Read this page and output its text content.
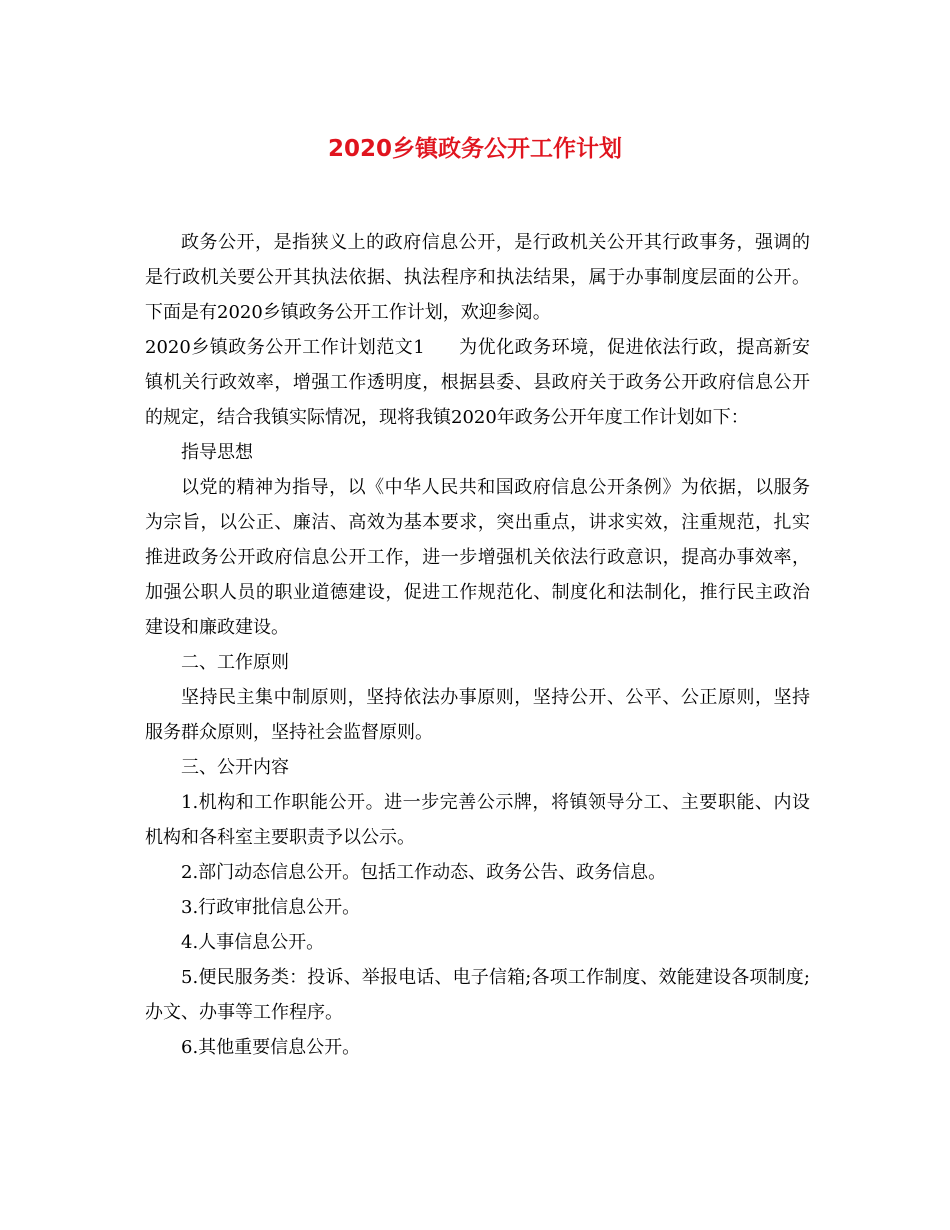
2020乡镇政务公开工作计划

政务公开，是指狭义上的政府信息公开，是行政机关公开其行政事务，强调的是行政机关要公开其执法依据、执法程序和执法结果，属于办事制度层面的公开。下面是有2020乡镇政务公开工作计划，欢迎参阅。

2020乡镇政务公开工作计划范文1 为优化政务环境，促进依法行政，提高新安镇机关行政效率，增强工作透明度，根据县委、县政府关于政务公开政府信息公开的规定，结合我镇实际情况，现将我镇2020年政务公开年度工作计划如下：

指导思想

以党的精神为指导，以《中华人民共和国政府信息公开条例》为依据，以服务为宗旨，以公正、廉洁、高效为基本要求，突出重点，讲求实效，注重规范，扎实推进政务公开政府信息公开工作，进一步增强机关依法行政意识，提高办事效率，加强公职人员的职业道德建设，促进工作规范化、制度化和法制化，推行民主政治建设和廉政建设。

二、工作原则

坚持民主集中制原则，坚持依法办事原则，坚持公开、公平、公正原则，坚持服务群众原则，坚持社会监督原则。

三、公开内容

1.机构和工作职能公开。进一步完善公示牌，将镇领导分工、主要职能、内设机构和各科室主要职责予以公示。

2.部门动态信息公开。包括工作动态、政务公告、政务信息。

3.行政审批信息公开。

4.人事信息公开。

5.便民服务类：投诉、举报电话、电子信箱;各项工作制度、效能建设各项制度;办文、办事等工作程序。

6.其他重要信息公开。
